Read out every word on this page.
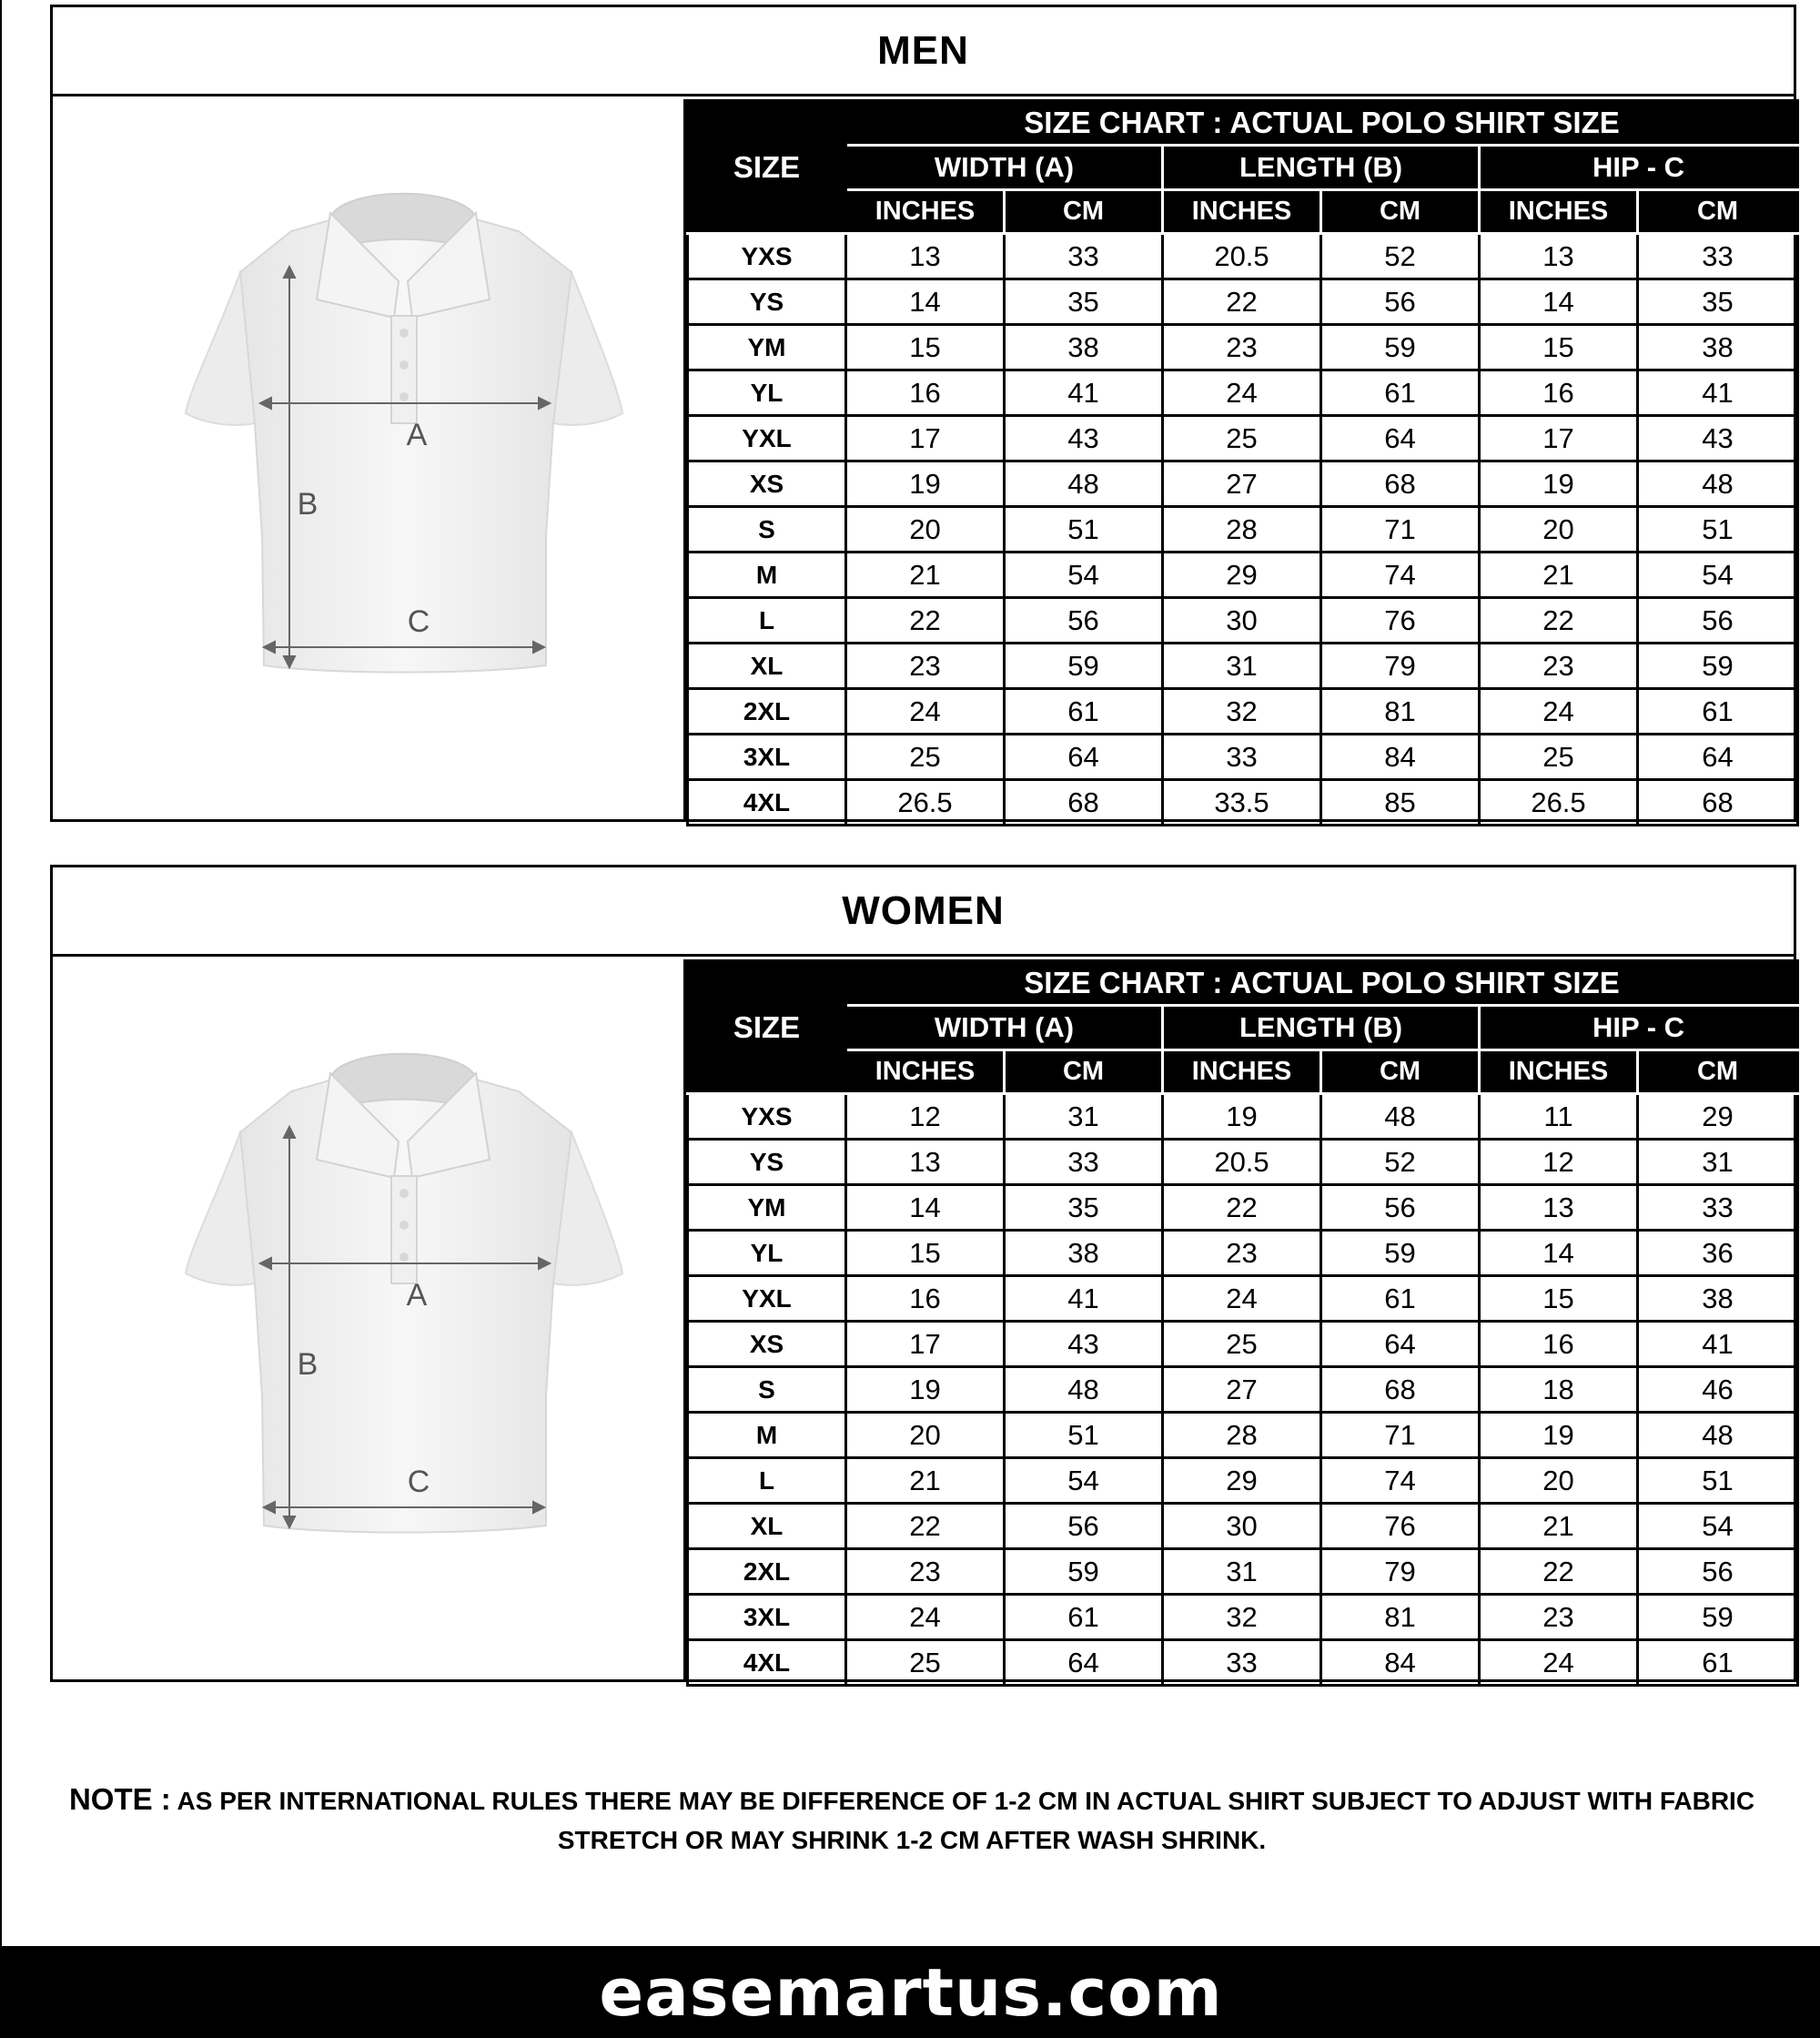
MEN
A
B
C
SIZE	SIZE CHART : ACTUAL POLO SHIRT SIZE					
	WIDTH (A)		LENGTH (B)		HIP - C	
	INCHES	CM	INCHES	CM	INCHES	CM
YXS	13	33	20.5	52	13	33
YS	14	35	22	56	14	35
YM	15	38	23	59	15	38
YL	16	41	24	61	16	41
YXL	17	43	25	64	17	43
XS	19	48	27	68	19	48
S	20	51	28	71	20	51
M	21	54	29	74	21	54
L	22	56	30	76	22	56
XL	23	59	31	79	23	59
2XL	24	61	32	81	24	61
3XL	25	64	33	84	25	64
4XL	26.5	68	33.5	85	26.5	68
WOMEN
A
B
C
SIZE	SIZE CHART : ACTUAL POLO SHIRT SIZE					
	WIDTH (A)		LENGTH (B)		HIP - C	
	INCHES	CM	INCHES	CM	INCHES	CM
YXS	12	31	19	48	11	29
YS	13	33	20.5	52	12	31
YM	14	35	22	56	13	33
YL	15	38	23	59	14	36
YXL	16	41	24	61	15	38
XS	17	43	25	64	16	41
S	19	48	27	68	18	46
M	20	51	28	71	19	48
L	21	54	29	74	20	51
XL	22	56	30	76	21	54
2XL	23	59	31	79	22	56
3XL	24	61	32	81	23	59
4XL	25	64	33	84	24	61
NOTE : AS PER INTERNATIONAL RULES THERE MAY BE DIFFERENCE OF 1-2 CM IN ACTUAL SHIRT SUBJECT TO ADJUST WITH FABRIC STRETCH OR MAY SHRINK 1-2 CM AFTER WASH SHRINK.
easemartus.com
